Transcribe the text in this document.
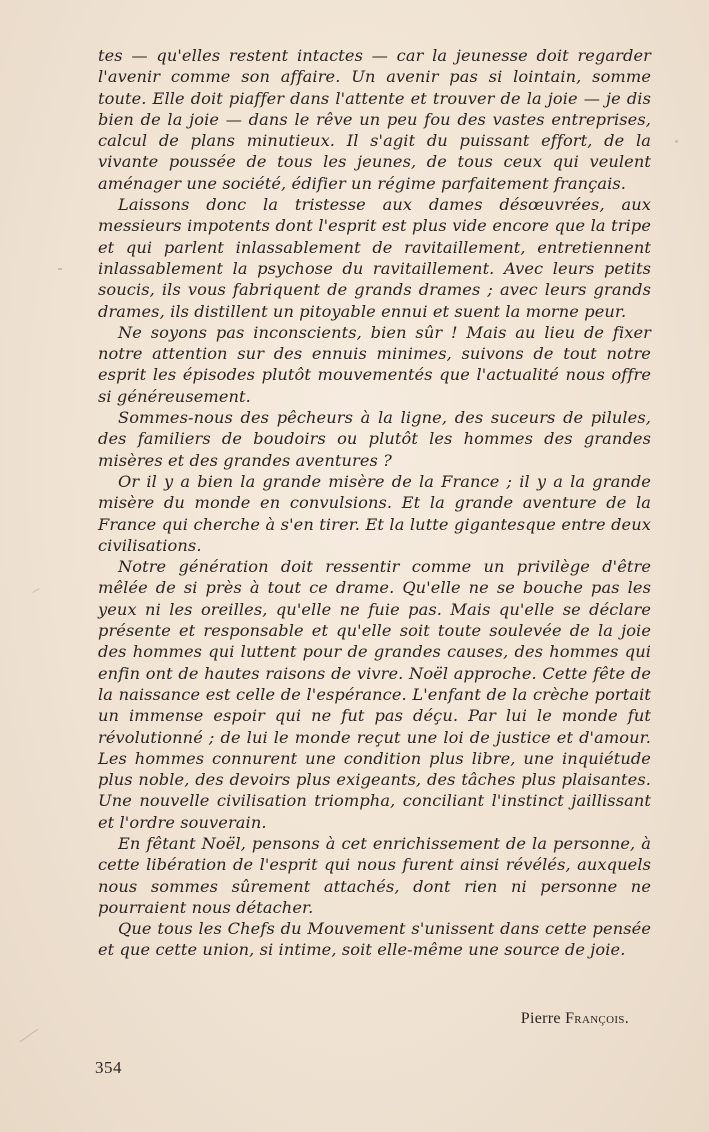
tes — qu'elles restent intactes — car la jeunesse doit regarder l'avenir comme son affaire. Un avenir pas si lointain, somme toute. Elle doit piaffer dans l'attente et trouver de la joie — je dis bien de la joie — dans le rêve un peu fou des vastes entreprises, calcul de plans minutieux. Il s'agit du puissant effort, de la vivante poussée de tous les jeunes, de tous ceux qui veulent aménager une société, édifier un régime parfaitement français.

Laissons donc la tristesse aux dames désœuvrées, aux messieurs impotents dont l'esprit est plus vide encore que la tripe et qui parlent inlassablement de ravitaillement, entretiennent inlassablement la psychose du ravitaillement. Avec leurs petits soucis, ils vous fabriquent de grands drames ; avec leurs grands drames, ils distillent un pitoyable ennui et suent la morne peur.

Ne soyons pas inconscients, bien sûr ! Mais au lieu de fixer notre attention sur des ennuis minimes, suivons de tout notre esprit les épisodes plutôt mouvementés que l'actualité nous offre si généreusement.

Sommes-nous des pêcheurs à la ligne, des suceurs de pilules, des familiers de boudoirs ou plutôt les hommes des grandes misères et des grandes aventures ?

Or il y a bien la grande misère de la France ; il y a la grande misère du monde en convulsions. Et la grande aventure de la France qui cherche à s'en tirer. Et la lutte gigantesque entre deux civilisations.

Notre génération doit ressentir comme un privilège d'être mêlée de si près à tout ce drame. Qu'elle ne se bouche pas les yeux ni les oreilles, qu'elle ne fuie pas. Mais qu'elle se déclare présente et responsable et qu'elle soit toute soulevée de la joie des hommes qui luttent pour de grandes causes, des hommes qui enfin ont de hautes raisons de vivre. Noël approche. Cette fête de la naissance est celle de l'espérance. L'enfant de la crèche portait un immense espoir qui ne fut pas déçu. Par lui le monde fut révolutionné ; de lui le monde reçut une loi de justice et d'amour. Les hommes connurent une condition plus libre, une inquiétude plus noble, des devoirs plus exigeants, des tâches plus plaisantes. Une nouvelle civilisation triompha, conciliant l'instinct jaillissant et l'ordre souverain.

En fêtant Noël, pensons à cet enrichissement de la personne, à cette libération de l'esprit qui nous furent ainsi révélés, auxquels nous sommes sûrement attachés, dont rien ni personne ne pourraient nous détacher.

Que tous les Chefs du Mouvement s'unissent dans cette pensée et que cette union, si intime, soit elle-même une source de joie.

Pierre François.
354
